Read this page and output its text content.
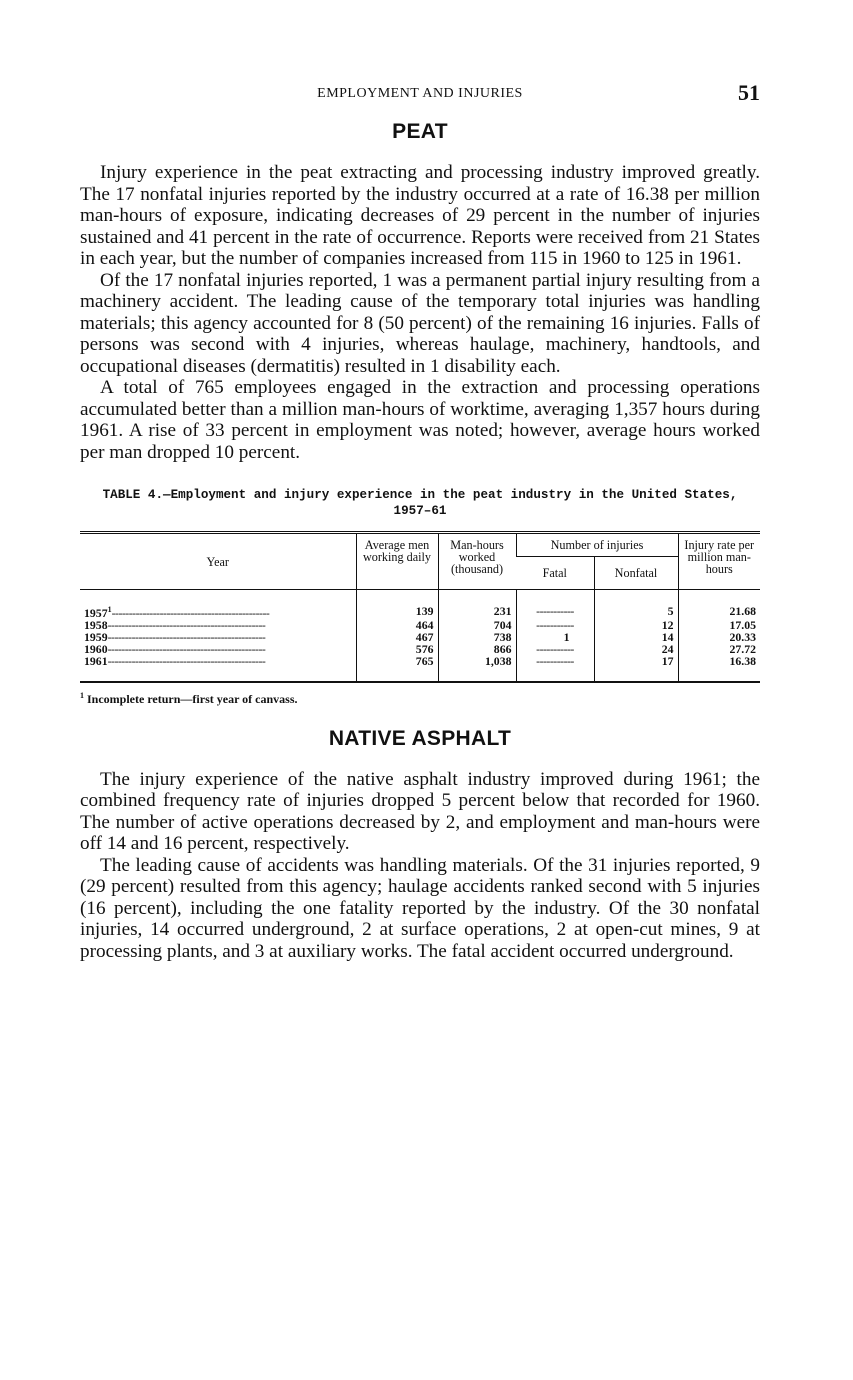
EMPLOYMENT AND INJURIES	51
PEAT

Injury experience in the peat extracting and processing industry improved greatly. The 17 nonfatal injuries reported by the industry occurred at a rate of 16.38 per million man-hours of exposure, indicating decreases of 29 percent in the number of injuries sustained and 41 percent in the rate of occurrence. Reports were received from 21 States in each year, but the number of companies increased from 115 in 1960 to 125 in 1961.

Of the 17 nonfatal injuries reported, 1 was a permanent partial injury resulting from a machinery accident. The leading cause of the temporary total injuries was handling materials; this agency accounted for 8 (50 percent) of the remaining 16 injuries. Falls of persons was second with 4 injuries, whereas haulage, machinery, handtools, and occupational diseases (dermatitis) resulted in 1 disability each.

A total of 765 employees engaged in the extraction and processing operations accumulated better than a million man-hours of worktime, averaging 1,357 hours during 1961. A rise of 33 percent in employment was noted; however, average hours worked per man dropped 10 percent.

TABLE 4.—Employment and injury experience in the peat industry in the United States, 1957–61
Year	Average men working daily	Man-hours worked (thousand)	Number of injuries		Injury rate per million man-hours
			Fatal	Nonfatal	
1957$^1$----------------------------------------------	139	231	-----------	5	21.68
1958----------------------------------------------	464	704	-----------	12	17.05
1959----------------------------------------------	467	738	1	14	20.33
1960----------------------------------------------	576	866	-----------	24	27.72
1961----------------------------------------------	765	1,038	-----------	17	16.38
$^1$ Incomplete return—first year of canvass.
NATIVE ASPHALT

The injury experience of the native asphalt industry improved during 1961; the combined frequency rate of injuries dropped 5 percent below that recorded for 1960. The number of active operations decreased by 2, and employment and man-hours were off 14 and 16 percent, respectively.

The leading cause of accidents was handling materials. Of the 31 injuries reported, 9 (29 percent) resulted from this agency; haulage accidents ranked second with 5 injuries (16 percent), including the one fatality reported by the industry. Of the 30 nonfatal injuries, 14 occurred underground, 2 at surface operations, 2 at open-cut mines, 9 at processing plants, and 3 at auxiliary works. The fatal accident occurred underground.
